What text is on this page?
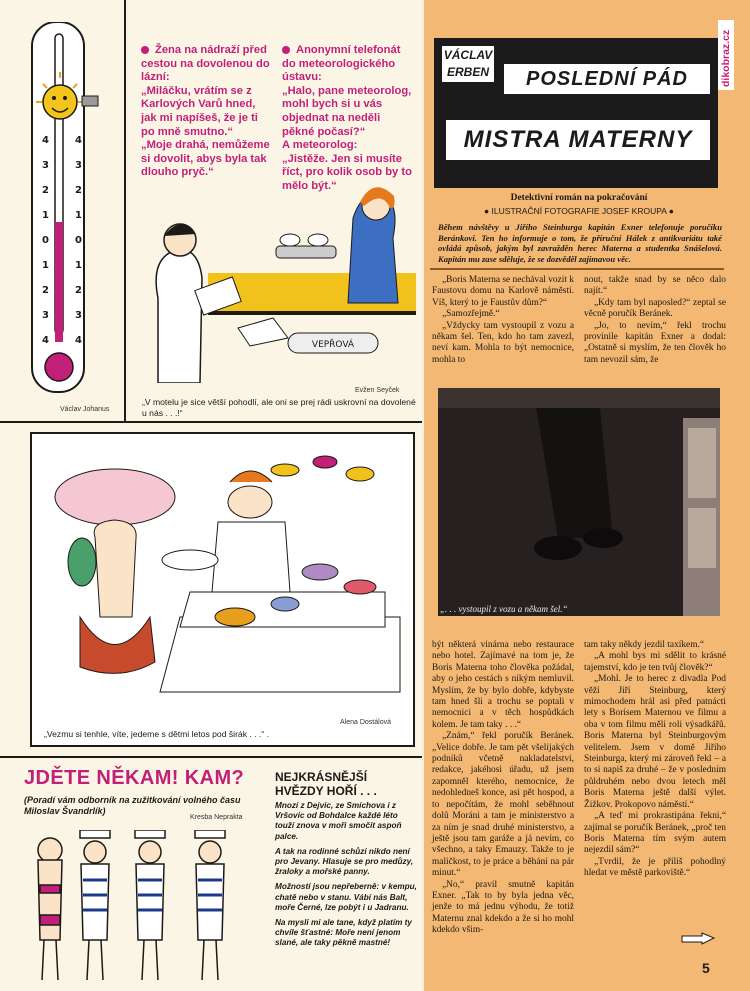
4	4
3	3
2	2
1	1
0	0
1	1
2	2
3	3
4	4
Václav Johanus

Žena na nádraží před cestou na dovolenou do lázní:

„Miláčku, vrátím se z Karlových Varů hned, jak mi napíšeš, že je ti po mně smutno.“

„Moje drahá, nemůžeme si dovolit, abys byla tak dlouho pryč.“

Anonymní telefonát do meteorologického ústavu:

„Halo, pane meteorolog, mohl bych si u vás objednat na neděli pěkné počasí?“

A meteorolog:

„Jistěže. Jen si musíte říct, pro kolik osob by to mělo být.“

VEPŘOVÁ
Evžen Seyček
„V motelu je sice větší pohodlí, ale oni se prej rádi uskrovní na dovolené u nás . . .!“
Alena Dostálová
„Vezmu si tenhle, víte, jedeme s dětmi letos pod širák . . .“ .
JDĚTE NĚKAM! KAM?
(Poradí vám odborník na zužitkování volného času Miloslav Švandrlík)
Kresba Neprakta
NEJKRÁSNĚJŠÍ HVĚZDY HOŘÍ . . .

Mnozí z Dejvic, ze Smíchova i z Vršovic od Bohdalce každé léto touží znova v moři smočit aspoň palce.

A tak na rodinné schůzi nikdo není pro Jevany. Hlasuje se pro medůzy, žraloky a mořské panny.

Možností jsou nepřeberně: v kempu, chatě nebo v stanu. Vábí nás Balt, moře Černé, lze pobýt i u Jadranu.

Na mysli mi ale tane, když platím ty chvíle šťastné: Moře není jenom slané, ale taky pěkně mastné!

dikobraz.cz
VÁCLAV
ERBEN	POSLEDNÍ PÁD
MISTRA MATERNY
Detektivní román na pokračování
● ILUSTRAČNÍ FOTOGRAFIE JOSEF KROUPA ●
Během návštěvy u Jiřího Steinburga kapitán Exner telefonuje poručíku Beránkovi. Ten ho informuje o tom, že příruční Hálek z antikvariátu také ovládá způsob, jakým byl zavražděn herec Materna a studentka Snášelová. Kapitán mu zase sděluje, že se dozvěděl zajímavou věc.

„Boris Materna se nechával vozit k Faustovu domu na Karlově náměstí. Víš, který to je Faustův dům?“

„Samozřejmě.“

„Vždycky tam vystoupil z vozu a někam šel. Ten, kdo ho tam zavezl, neví kam. Mohla to být nemocnice, mohla to

nout, takže snad by se něco dalo najít.“

„Kdy tam byl naposled?“ zeptal se věcně poručík Beránek.

„Jo, to nevím,“ řekl trochu provinile kapitán Exner a dodal: „Ostatně si myslím, že ten člověk ho tam nevozil sám, že

„. . . vystoupil z vozu a někam šel.“

být některá vinárna nebo restaurace nebo hotel. Zajímavé na tom je, že Boris Materna toho člověka požádal, aby o jeho cestách s nikým nemluvil. Myslím, že by bylo dobře, kdybyste tam hned šli a trochu se poptali v nemocnici a v těch hospůdkách kolem. Je tam taky . . .“

„Znám,“ řekl poručík Beránek. „Velice dobře. Je tam pět všelijakých podniků včetně nakladatelství, redakce, jakéhosi úřadu, už jsem zapomněl kterého, nemocnice, že nedohledneš konce, asi pět hospod, a to nepočítám, že mohl seběhnout dolů Moráni a tam je ministerstvo a za ním je snad druhé ministerstvo, a ještě jsou tam garáže a já nevím, co všechno, a taky Emauzy. Takže to je maličkost, to je práce a běhání na pár minut.“

„No,“ pravil smutně kapitán Exner. „Tak to by byla jedna věc, jenže to má jednu výhodu, že totiž Maternu znal kdekdo a že si ho mohl kdekdo všim-

tam taky někdy jezdil taxíkem.“

„A mohl bys mi sdělit to krásné tajemství, kdo je ten tvůj člověk?“

„Mohl. Je to herec z divadla Pod věží Jiří Steinburg, který mimochodem hrál asi před patnácti lety s Borisem Maternou ve filmu a oba v tom filmu měli roli výsadkářů. Boris Materna byl Steinburgovým velitelem. Jsem v domě Jiřího Steinburga, který mi zároveň řekl – a to si napiš za druhé – že v posledním půldruhém nebo dvou letech měl Boris Materna ještě další výlet. Žižkov. Prokopovo náměstí.“

„A teď mi prokrastipána řekni,“ zajímal se poručík Beránek, „proč ten Boris Materna tím svým autem nejezdil sám?“

„Tvrdil, že je příliš pohodlný hledat ve městě parkoviště.“

5
